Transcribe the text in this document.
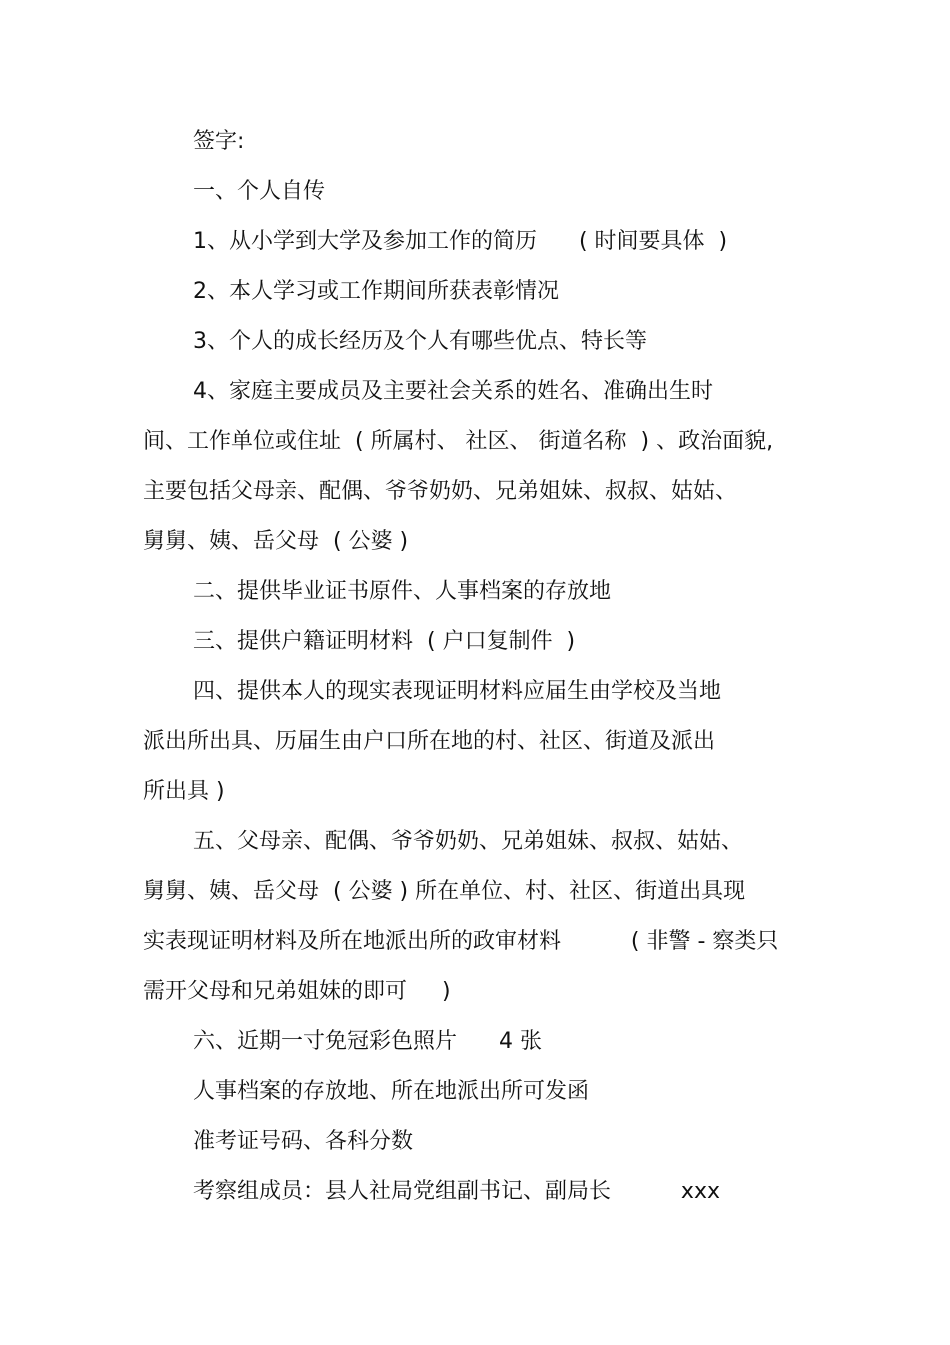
签字:
一、个人自传
1、从小学到大学及参加工作的简历      ( 时间要具体  )
2、本人学习或工作期间所获表彰情况
3、个人的成长经历及个人有哪些优点、特长等
4、家庭主要成员及主要社会关系的姓名、准确出生时
间、工作单位或住址  ( 所属村、 社区、 街道名称  ) 、政治面貌,
主要包括父母亲、配偶、爷爷奶奶、兄弟姐妹、叔叔、姑姑、
舅舅、姨、岳父母  ( 公婆 )
二、提供毕业证书原件、人事档案的存放地
三、提供户籍证明材料  ( 户口复制件  )
四、提供本人的现实表现证明材料应届生由学校及当地
派出所出具、历届生由户口所在地的村、社区、街道及派出
所出具 )
五、父母亲、配偶、爷爷奶奶、兄弟姐妹、叔叔、姑姑、
舅舅、姨、岳父母  ( 公婆 ) 所在单位、村、社区、街道出具现
实表现证明材料及所在地派出所的政审材料          ( 非警 - 察类只
需开父母和兄弟姐妹的即可     )
六、近期一寸免冠彩色照片      4 张
人事档案的存放地、所在地派出所可发函
准考证号码、各科分数
考察组成员：县人社局党组副书记、副局长          xxx
